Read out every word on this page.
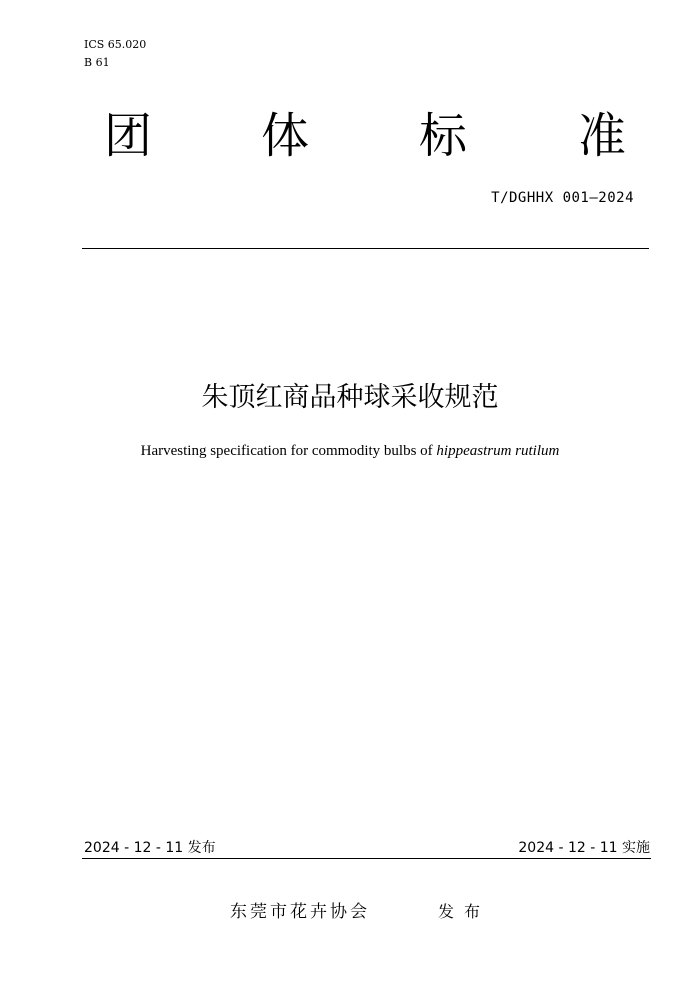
ICS 65.020
B 61
团 体 标 准
T/DGHHX 001—2024
朱顶红商品种球采收规范
Harvesting specification for commodity bulbs of hippeastrum rutilum
2024 - 12 - 11 发布	2024 - 12 - 11 实施
东莞市花卉协会	发布
